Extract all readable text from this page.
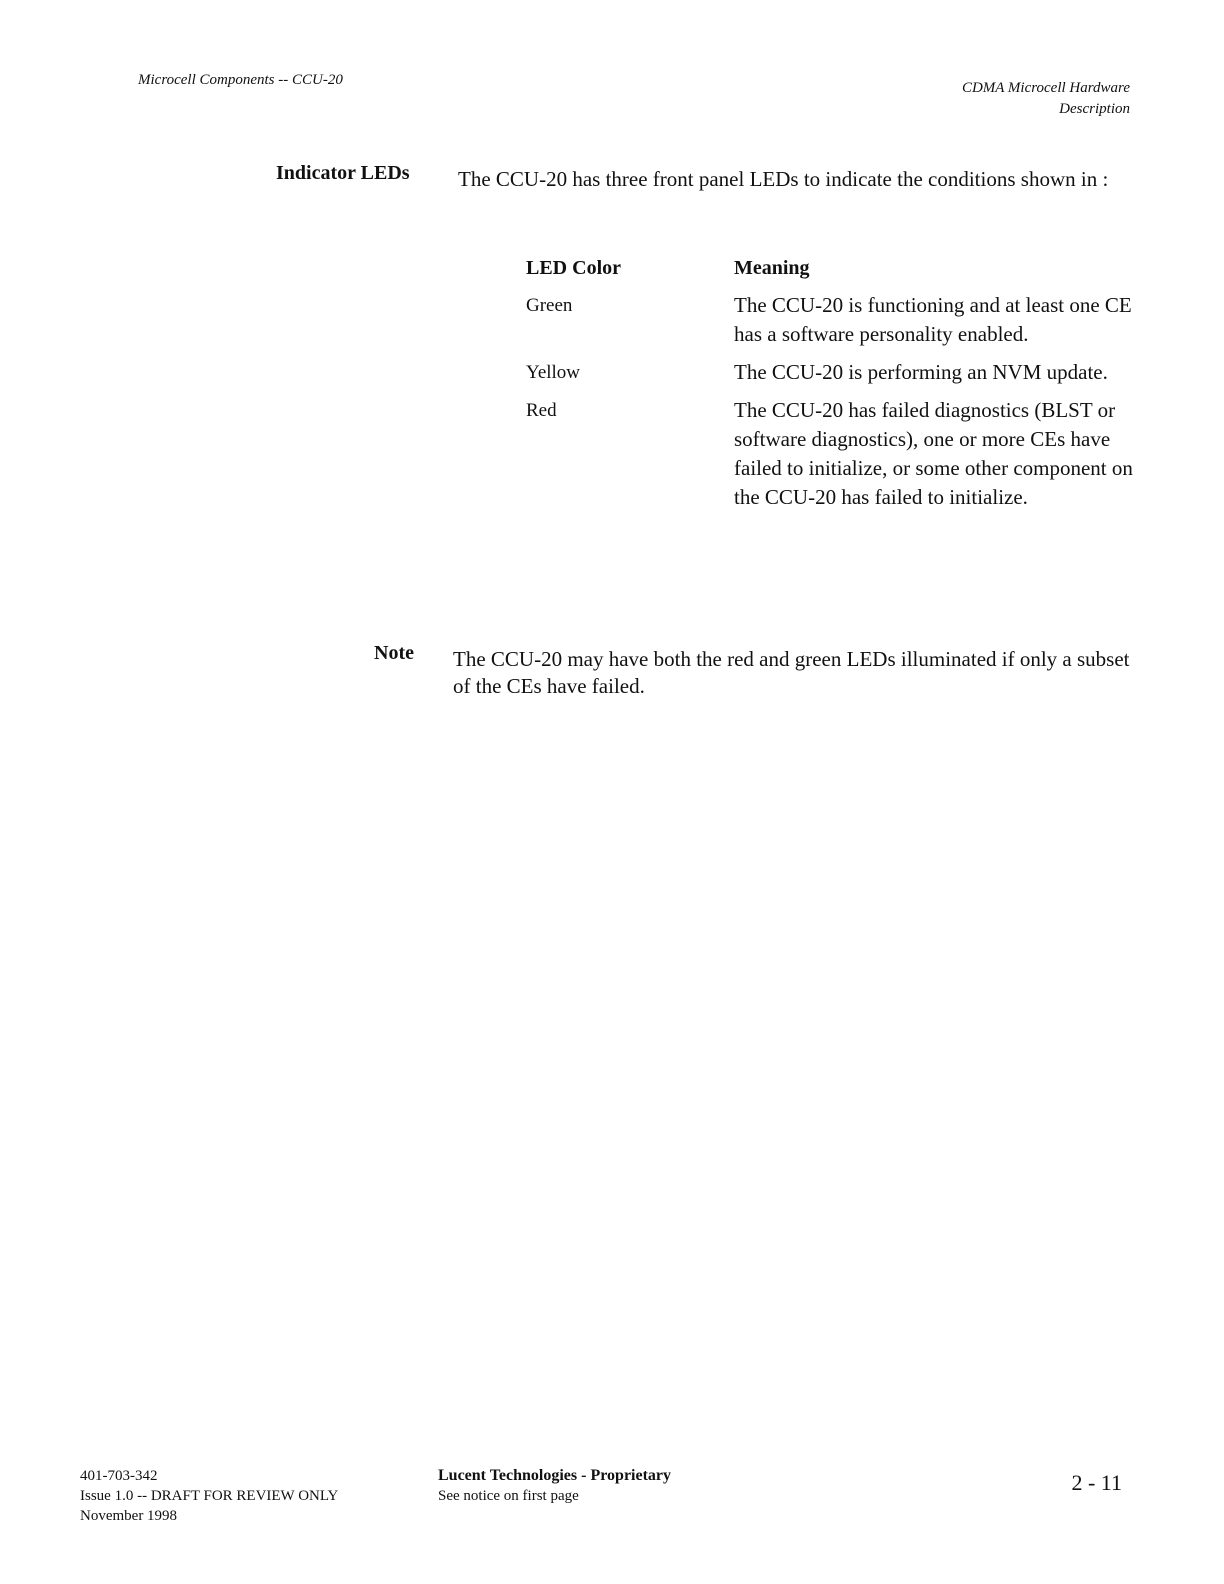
Microcell Components -- CCU-20	CDMA Microcell Hardware
Description
Indicator LEDs The CCU-20 has three front panel LEDs to indicate the conditions shown in :
LED Color	Meaning
Green	The CCU-20 is functioning and at least one CE has a software personality enabled.
Yellow	The CCU-20 is performing an NVM update.
Red	The CCU-20 has failed diagnostics (BLST or software diagnostics), one or more CEs have failed to initialize, or some other component on the CCU-20 has failed to initialize.
Note The CCU-20 may have both the red and green LEDs illuminated if only a subset of the CEs have failed.
401-703-342
Issue 1.0 -- DRAFT FOR REVIEW ONLY
November 1998
Lucent Technologies - Proprietary
See notice on first page
2 - 11
